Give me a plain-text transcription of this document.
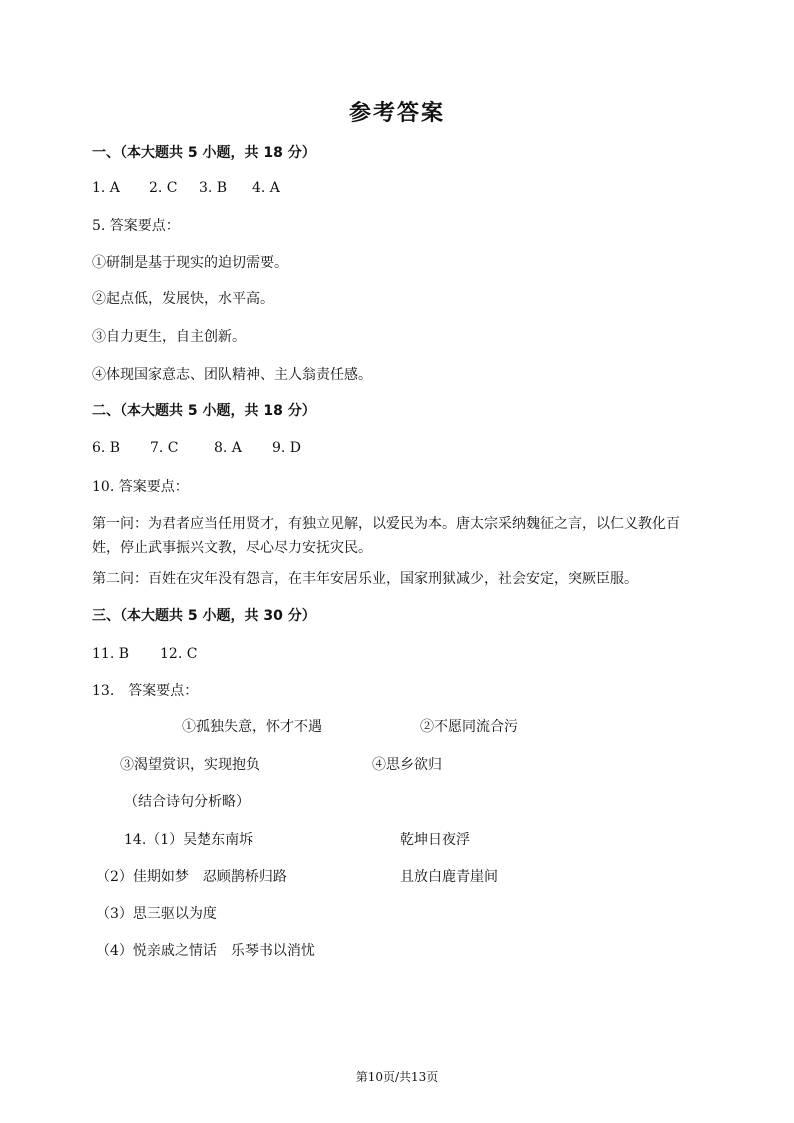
参考答案
一、（本大题共 5 小题，共 18 分）
1. A 2. C 3. B 4. A
5. 答案要点：
①研制是基于现实的迫切需要。
②起点低，发展快，水平高。
③自力更生，自主创新。
④体现国家意志、团队精神、主人翁责任感。
二、（本大题共 5 小题，共 18 分）
6. B 7. C	8. A 9. D
10. 答案要点：
第一问：为君者应当任用贤才，有独立见解，以爱民为本。唐太宗采纳魏征之言，以仁义教化百姓，停止武事振兴文教，尽心尽力安抚灾民。
第二问：百姓在灾年没有怨言，在丰年安居乐业，国家刑狱减少，社会安定，突厥臣服。
三、（本大题共 5 小题，共 30 分）
11. B 12. C
13.　答案要点：
①孤独失意，怀才不遇	②不愿同流合污
③渴望赏识，实现抱负	④思乡欲归
（结合诗句分析略）
14.（1）吴楚东南坼	乾坤日夜浮
（2）佳期如梦　忍顾鹊桥归路	且放白鹿青崖间
（3）思三驱以为度
（4）悦亲戚之情话　乐琴书以消忧
第10页/共13页
